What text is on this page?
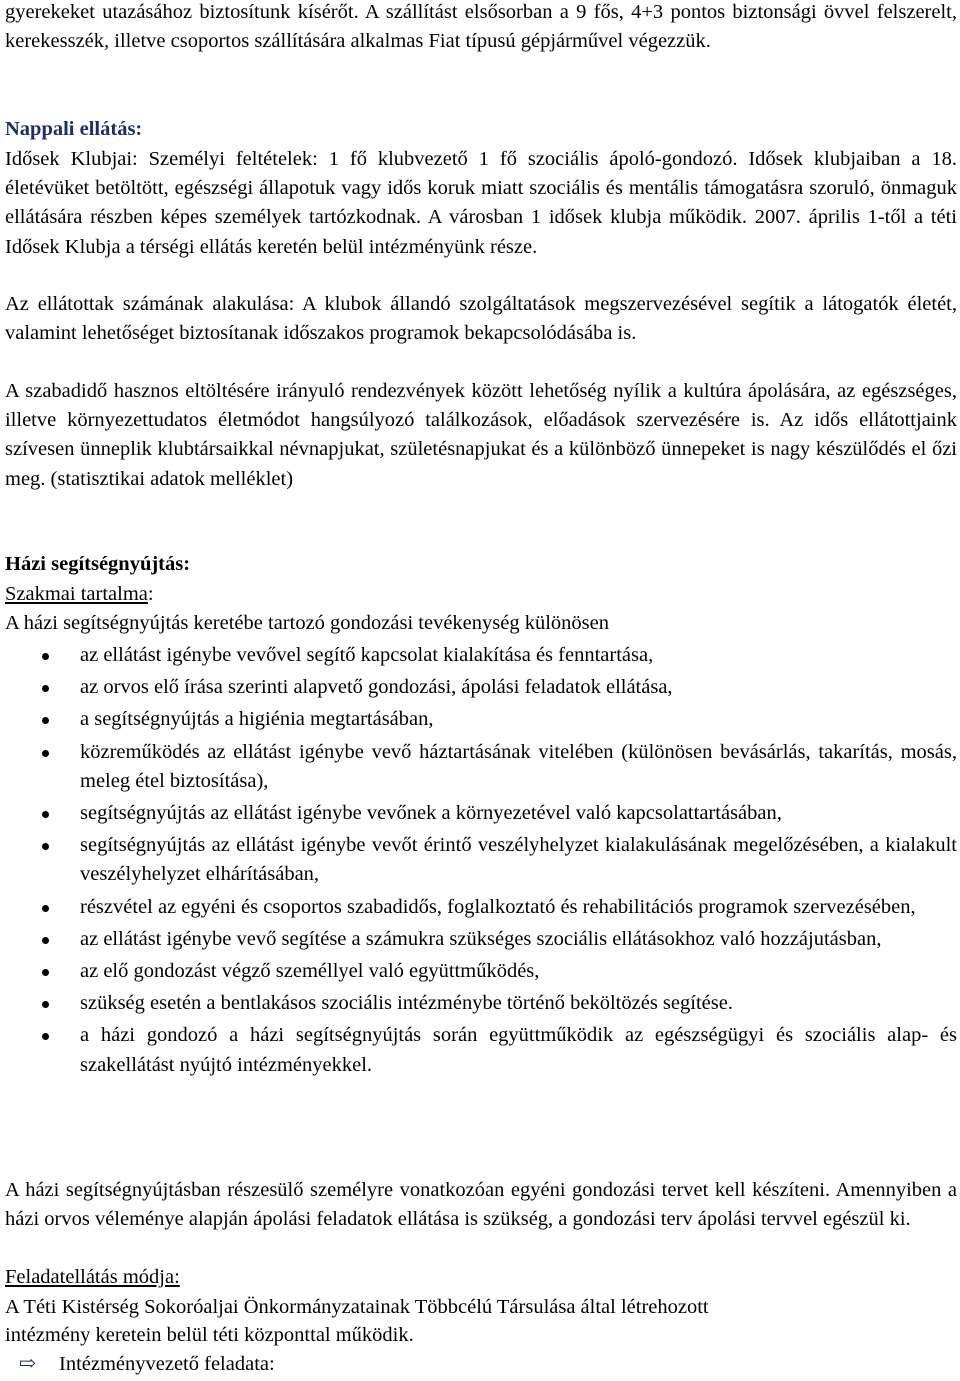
gyerekeket utazásához biztosítunk kísérőt. A szállítást elsősorban a 9 fős, 4+3 pontos biztonsági övvel felszerelt, kerekesszék, illetve csoportos szállítására alkalmas Fiat típusú gépjárművel végezzük.

Nappali ellátás:

Idősek Klubjai: Személyi feltételek: 1 fő klubvezető 1 fő szociális ápoló-gondozó. Idősek klubjaiban a 18. életévüket betöltött, egészségi állapotuk vagy idős koruk miatt szociális és mentális támogatásra szoruló, önmaguk ellátására részben képes személyek tartózkodnak. A városban 1 idősek klubja működik. 2007. április 1-től a téti Idősek Klubja a térségi ellátás keretén belül intézményünk része.

Az ellátottak számának alakulása: A klubok állandó szolgáltatások megszervezésével segítik a látogatók életét, valamint lehetőséget biztosítanak időszakos programok bekapcsolódásába is.

A szabadidő hasznos eltöltésére irányuló rendezvények között lehetőség nyílik a kultúra ápolására, az egészséges, illetve környezettudatos életmódot hangsúlyozó találkozások, előadások szervezésére is. Az idős ellátottjaink szívesen ünneplik klubtársaikkal névnapjukat, születésnapjukat és a különböző ünnepeket is nagy készülődés el őzi meg. (statisztikai adatok melléklet)

Házi segítségnyújtás:

Szakmai tartalma:

A házi segítségnyújtás keretébe tartozó gondozási tevékenység különösen

az ellátást igénybe vevővel segítő kapcsolat kialakítása és fenntartása,
az orvos elő írása szerinti alapvető gondozási, ápolási feladatok ellátása,
a segítségnyújtás a higiénia megtartásában,
közreműködés az ellátást igénybe vevő háztartásának vitelében (különösen bevásárlás, takarítás, mosás, meleg étel biztosítása),
segítségnyújtás az ellátást igénybe vevőnek a környezetével való kapcsolattartásában,
segítségnyújtás az ellátást igénybe vevőt érintő veszélyhelyzet kialakulásának megelőzésében, a kialakult veszélyhelyzet elhárításában,
részvétel az egyéni és csoportos szabadidős, foglalkoztató és rehabilitációs programok szervezésében,
az ellátást igénybe vevő segítése a számukra szükséges szociális ellátásokhoz való hozzájutásban,
az elő gondozást végző személlyel való együttműködés,
szükség esetén a bentlakásos szociális intézménybe történő beköltözés segítése.
a házi gondozó a házi segítségnyújtás során együttműködik az egészségügyi és szociális alap- és szakellátást nyújtó intézményekkel.

A házi segítségnyújtásban részesülő személyre vonatkozóan egyéni gondozási tervet kell készíteni. Amennyiben a házi orvos véleménye alapján ápolási feladatok ellátása is szükség, a gondozási terv ápolási tervvel egészül ki.

Feladatellátás módja:

A Téti Kistérség Sokoróaljai Önkormányzatainak Többcélú Társulása által létrehozott

intézmény keretein belül téti központtal működik.

⇨ Intézményvezető feladata:
